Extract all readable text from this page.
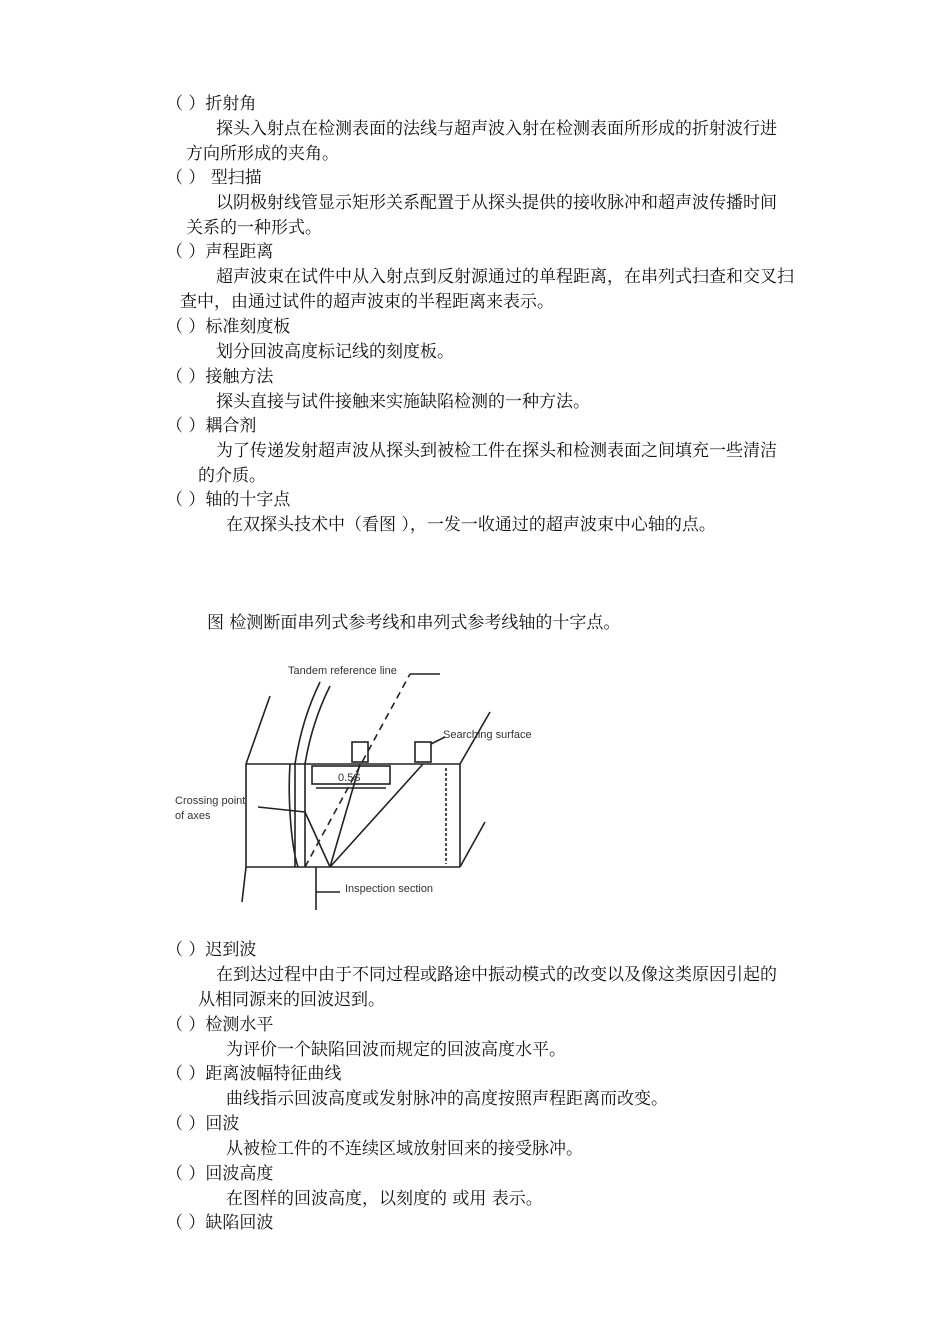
（ ）折射角
探头入射点在检测表面的法线与超声波入射在检测表面所形成的折射波行进
方向所形成的夹角。
（ ） 型扫描
以阴极射线管显示矩形关系配置于从探头提供的接收脉冲和超声波传播时间
关系的一种形式。
（ ）声程距离
超声波束在试件中从入射点到反射源通过的单程距离，在串列式扫查和交叉扫
查中，由通过试件的超声波束的半程距离来表示。
（ ）标准刻度板
划分回波高度标记线的刻度板。
（ ）接触方法
探头直接与试件接触来实施缺陷检测的一种方法。
（ ）耦合剂
为了传递发射超声波从探头到被检工件在探头和检测表面之间填充一些清洁
的介质。
（ ）轴的十字点
在双探头技术中（看图 ），一发一收通过的超声波束中心轴的点。
图 检测断面串列式参考线和串列式参考线轴的十字点。
Tandem reference line
Searching surface
Crossing point
of axes
Inspection section
0.5S
（ ）迟到波
在到达过程中由于不同过程或路途中振动模式的改变以及像这类原因引起的
从相同源来的回波迟到。
（ ）检测水平
为评价一个缺陷回波而规定的回波高度水平。
（ ）距离波幅特征曲线
曲线指示回波高度或发射脉冲的高度按照声程距离而改变。
（ ）回波
从被检工件的不连续区域放射回来的接受脉冲。
（ ）回波高度
在图样的回波高度，以刻度的 或用 表示。
（ ）缺陷回波
